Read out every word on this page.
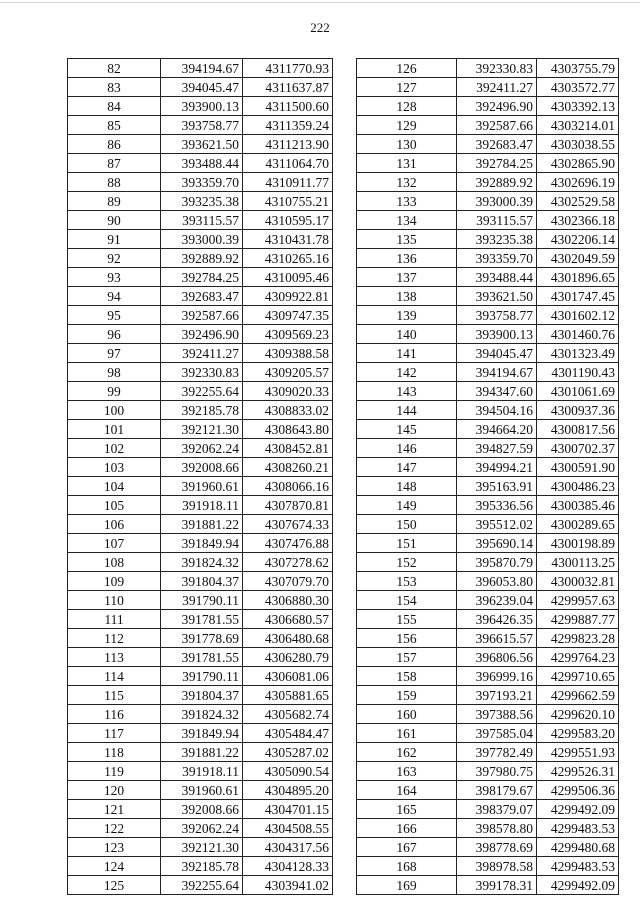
222
82	394194.67	4311770.93
83	394045.47	4311637.87
84	393900.13	4311500.60
85	393758.77	4311359.24
86	393621.50	4311213.90
87	393488.44	4311064.70
88	393359.70	4310911.77
89	393235.38	4310755.21
90	393115.57	4310595.17
91	393000.39	4310431.78
92	392889.92	4310265.16
93	392784.25	4310095.46
94	392683.47	4309922.81
95	392587.66	4309747.35
96	392496.90	4309569.23
97	392411.27	4309388.58
98	392330.83	4309205.57
99	392255.64	4309020.33
100	392185.78	4308833.02
101	392121.30	4308643.80
102	392062.24	4308452.81
103	392008.66	4308260.21
104	391960.61	4308066.16
105	391918.11	4307870.81
106	391881.22	4307674.33
107	391849.94	4307476.88
108	391824.32	4307278.62
109	391804.37	4307079.70
110	391790.11	4306880.30
111	391781.55	4306680.57
112	391778.69	4306480.68
113	391781.55	4306280.79
114	391790.11	4306081.06
115	391804.37	4305881.65
116	391824.32	4305682.74
117	391849.94	4305484.47
118	391881.22	4305287.02
119	391918.11	4305090.54
120	391960.61	4304895.20
121	392008.66	4304701.15
122	392062.24	4304508.55
123	392121.30	4304317.56
124	392185.78	4304128.33
125	392255.64	4303941.02
126	392330.83	4303755.79
127	392411.27	4303572.77
128	392496.90	4303392.13
129	392587.66	4303214.01
130	392683.47	4303038.55
131	392784.25	4302865.90
132	392889.92	4302696.19
133	393000.39	4302529.58
134	393115.57	4302366.18
135	393235.38	4302206.14
136	393359.70	4302049.59
137	393488.44	4301896.65
138	393621.50	4301747.45
139	393758.77	4301602.12
140	393900.13	4301460.76
141	394045.47	4301323.49
142	394194.67	4301190.43
143	394347.60	4301061.69
144	394504.16	4300937.36
145	394664.20	4300817.56
146	394827.59	4300702.37
147	394994.21	4300591.90
148	395163.91	4300486.23
149	395336.56	4300385.46
150	395512.02	4300289.65
151	395690.14	4300198.89
152	395870.79	4300113.25
153	396053.80	4300032.81
154	396239.04	4299957.63
155	396426.35	4299887.77
156	396615.57	4299823.28
157	396806.56	4299764.23
158	396999.16	4299710.65
159	397193.21	4299662.59
160	397388.56	4299620.10
161	397585.04	4299583.20
162	397782.49	4299551.93
163	397980.75	4299526.31
164	398179.67	4299506.36
165	398379.07	4299492.09
166	398578.80	4299483.53
167	398778.69	4299480.68
168	398978.58	4299483.53
169	399178.31	4299492.09
